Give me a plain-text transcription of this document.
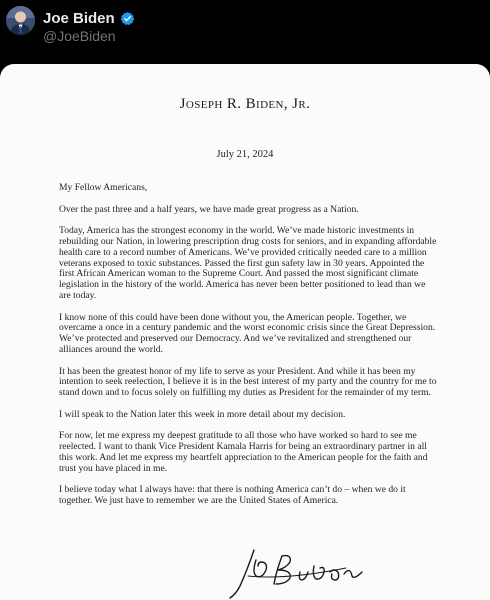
Joe Biden
@JoeBiden
Joseph R. Biden, Jr.
July 21, 2024

My Fellow Americans,

Over the past three and a half years, we have made great progress as a Nation.

Today, America has the strongest economy in the world. We’ve made historic investments in rebuilding our Nation, in lowering prescription drug costs for seniors, and in expanding affordable health care to a record number of Americans. We’ve provided critically needed care to a million veterans exposed to toxic substances. Passed the first gun safety law in 30 years. Appointed the first African American woman to the Supreme Court. And passed the most significant climate legislation in the history of the world. America has never been better positioned to lead than we are today.

I know none of this could have been done without you, the American people. Together, we overcame a once in a century pandemic and the worst economic crisis since the Great Depression. We’ve protected and preserved our Democracy. And we’ve revitalized and strengthened our alliances around the world.

It has been the greatest honor of my life to serve as your President. And while it has been my intention to seek reelection, I believe it is in the best interest of my party and the country for me to stand down and to focus solely on fulfilling my duties as President for the remainder of my term.

I will speak to the Nation later this week in more detail about my decision.

For now, let me express my deepest gratitude to all those who have worked so hard to see me reelected. I want to thank Vice President Kamala Harris for being an extraordinary partner in all this work. And let me express my heartfelt appreciation to the American people for the faith and trust you have placed in me.

I believe today what I always have: that there is nothing America can’t do – when we do it together. We just have to remember we are the United States of America.
